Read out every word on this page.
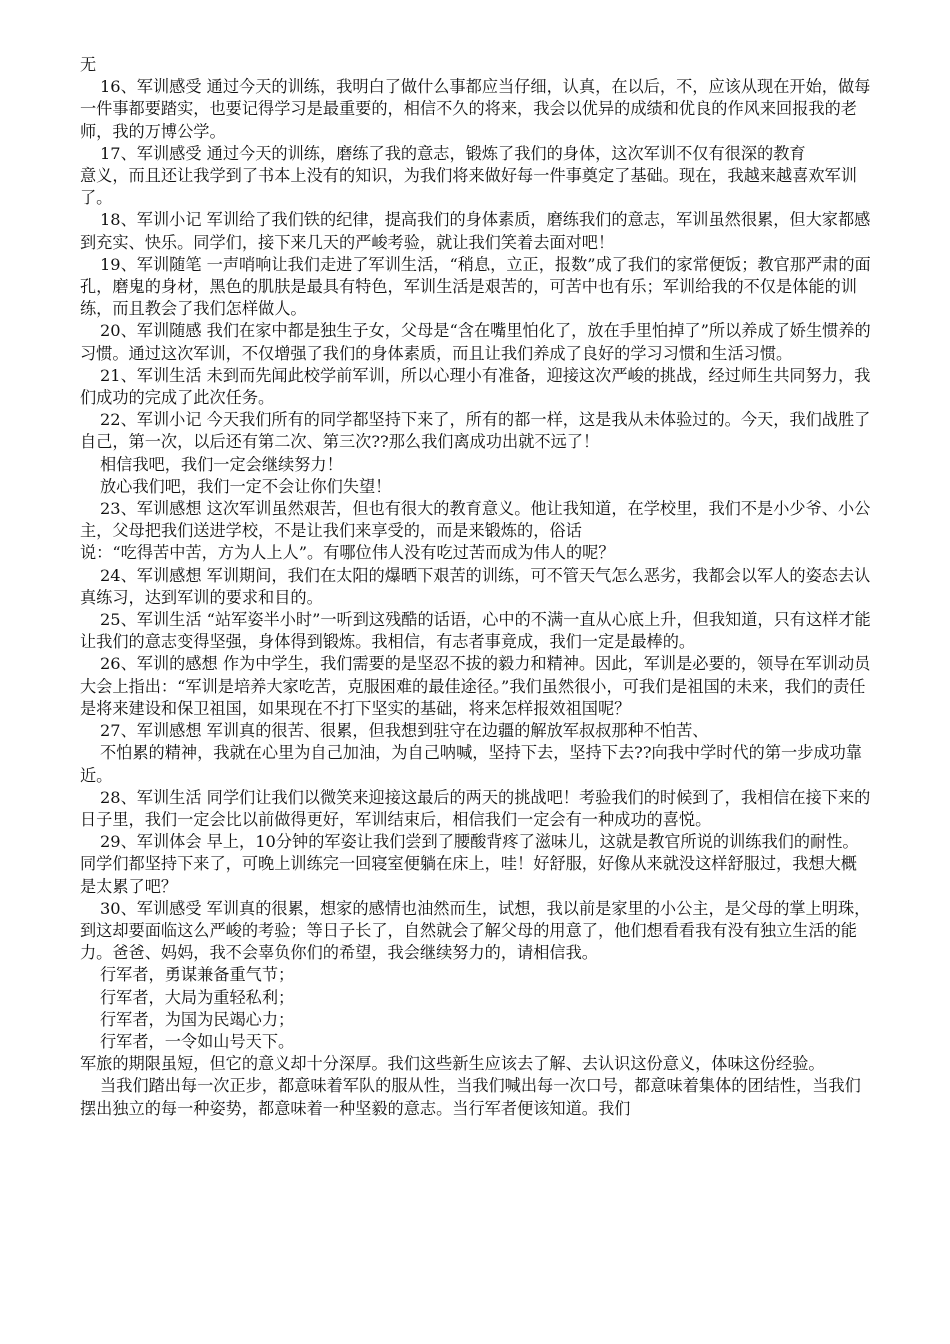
无

16、军训感受 通过今天的训练，我明白了做什么事都应当仔细，认真，在以后，不，应该从现在开始，做每一件事都要踏实，也要记得学习是最重要的，相信不久的将来，我会以优异的成绩和优良的作风来回报我的老师，我的万博公学。

17、军训感受 通过今天的训练，磨练了我的意志，锻炼了我们的身体，这次军训不仅有很深的教育

意义，而且还让我学到了书本上没有的知识，为我们将来做好每一件事奠定了基础。现在，我越来越喜欢军训了。

18、军训小记 军训给了我们铁的纪律，提高我们的身体素质，磨练我们的意志，军训虽然很累，但大家都感到充实、快乐。同学们，接下来几天的严峻考验，就让我们笑着去面对吧！

19、军训随笔 一声哨响让我们走进了军训生活，“稍息，立正，报数”成了我们的家常便饭；教官那严肃的面孔，磨鬼的身材，黑色的肌肤是最具有特色，军训生活是艰苦的，可苦中也有乐；军训给我的不仅是体能的训练，而且教会了我们怎样做人。

20、军训随感 我们在家中都是独生子女，父母是“含在嘴里怕化了，放在手里怕掉了”所以养成了娇生惯养的习惯。通过这次军训，不仅增强了我们的身体素质，而且让我们养成了良好的学习习惯和生活习惯。

21、军训生活 未到而先闻此校学前军训，所以心理小有准备，迎接这次严峻的挑战，经过师生共同努力，我们成功的完成了此次任务。

22、军训小记 今天我们所有的同学都坚持下来了，所有的都一样，这是我从未体验过的。今天，我们战胜了自己，第一次，以后还有第二次、第三次??那么我们离成功出就不远了！

相信我吧，我们一定会继续努力！

放心我们吧，我们一定不会让你们失望！

23、军训感想 这次军训虽然艰苦，但也有很大的教育意义。他让我知道，在学校里，我们不是小少爷、小公主，父母把我们送进学校，不是让我们来享受的，而是来锻炼的，俗话

说：“吃得苦中苦，方为人上人”。有哪位伟人没有吃过苦而成为伟人的呢？

24、军训感想 军训期间，我们在太阳的爆晒下艰苦的训练，可不管天气怎么恶劣，我都会以军人的姿态去认真练习，达到军训的要求和目的。

25、军训生活 “站军姿半小时”一听到这残酷的话语，心中的不满一直从心底上升，但我知道，只有这样才能让我们的意志变得坚强，身体得到锻炼。我相信，有志者事竟成，我们一定是最棒的。

26、军训的感想 作为中学生，我们需要的是坚忍不拔的毅力和精神。因此，军训是必要的，领导在军训动员大会上指出：“军训是培养大家吃苦，克服困难的最佳途径。”我们虽然很小，可我们是祖国的未来，我们的责任是将来建设和保卫祖国，如果现在不打下坚实的基础，将来怎样报效祖国呢？

27、军训感想 军训真的很苦、很累，但我想到驻守在边疆的解放军叔叔那种不怕苦、

不怕累的精神，我就在心里为自己加油，为自己呐喊，坚持下去，坚持下去??向我中学时代的第一步成功靠近。

28、军训生活 同学们让我们以微笑来迎接这最后的两天的挑战吧！考验我们的时候到了，我相信在接下来的日子里，我们一定会比以前做得更好，军训结束后，相信我们一定会有一种成功的喜悦。

29、军训体会 早上，10分钟的军姿让我们尝到了腰酸背疼了滋味儿，这就是教官所说的训练我们的耐性。同学们都坚持下来了，可晚上训练完一回寝室便躺在床上，哇！好舒服，好像从来就没这样舒服过，我想大概是太累了吧？

30、军训感受 军训真的很累，想家的感情也油然而生，试想，我以前是家里的小公主，是父母的掌上明珠，到这却要面临这么严峻的考验；等日子长了，自然就会了解父母的用意了，他们想看看我有没有独立生活的能力。爸爸、妈妈，我不会辜负你们的希望，我会继续努力的，请相信我。

行军者，勇谋兼备重气节；

行军者，大局为重轻私利；

行军者，为国为民竭心力；

行军者，一令如山号天下。

军旅的期限虽短，但它的意义却十分深厚。我们这些新生应该去了解、去认识这份意义，体味这份经验。

当我们踏出每一次正步，都意味着军队的服从性，当我们喊出每一次口号，都意味着集体的团结性，当我们摆出独立的每一种姿势，都意味着一种坚毅的意志。当行军者便该知道。我们
